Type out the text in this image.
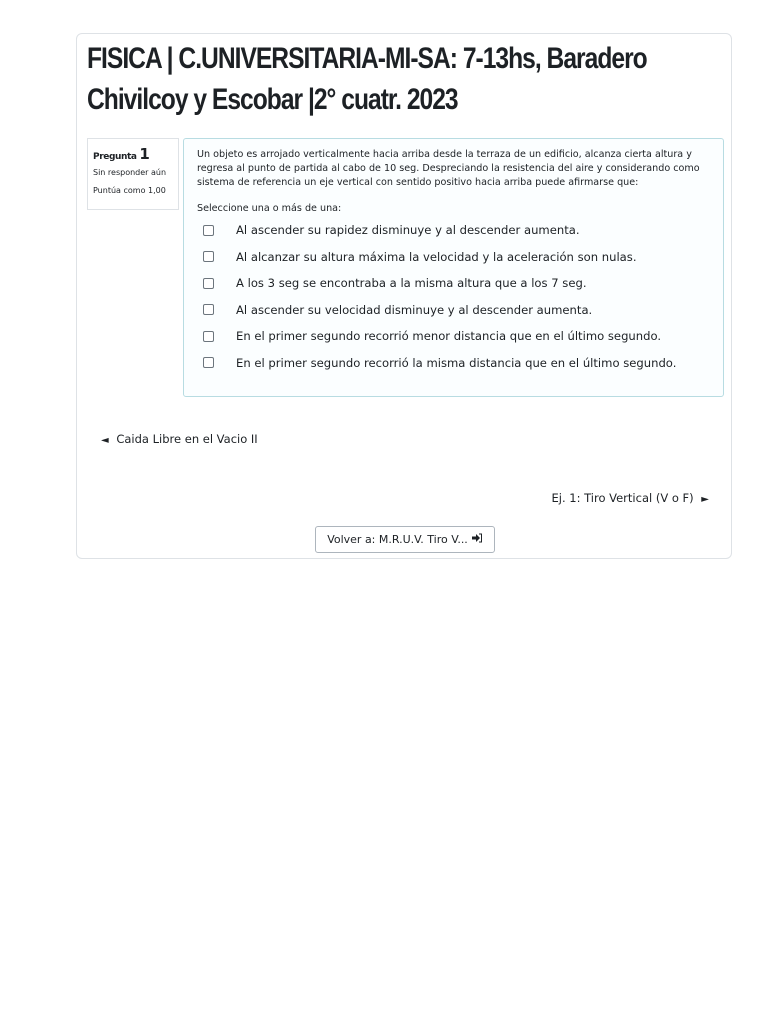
FISICA | C.UNIVERSITARIA-MI-SA: 7-13hs, Baradero
Chivilcoy y Escobar |2° cuatr. 2023
Pregunta 1
Sin responder aún
Puntúa como 1,00
Un objeto es arrojado verticalmente hacia arriba desde la terraza de un edificio, alcanza cierta altura y regresa al punto de partida al cabo de 10 seg. Despreciando la resistencia del aire y considerando como sistema de referencia un eje vertical con sentido positivo hacia arriba puede afirmarse que:
Seleccione una o más de una:
Al ascender su rapidez disminuye y al descender aumenta.
Al alcanzar su altura máxima la velocidad y la aceleración son nulas.
A los 3 seg se encontraba a la misma altura que a los 7 seg.
Al ascender su velocidad disminuye y al descender aumenta.
En el primer segundo recorrió menor distancia que en el último segundo.
En el primer segundo recorrió la misma distancia que en el último segundo.
◄ Caida Libre en el Vacio II
Ej. 1: Tiro Vertical (V o F) ►
Volver a: M.R.U.V. Tiro V...
